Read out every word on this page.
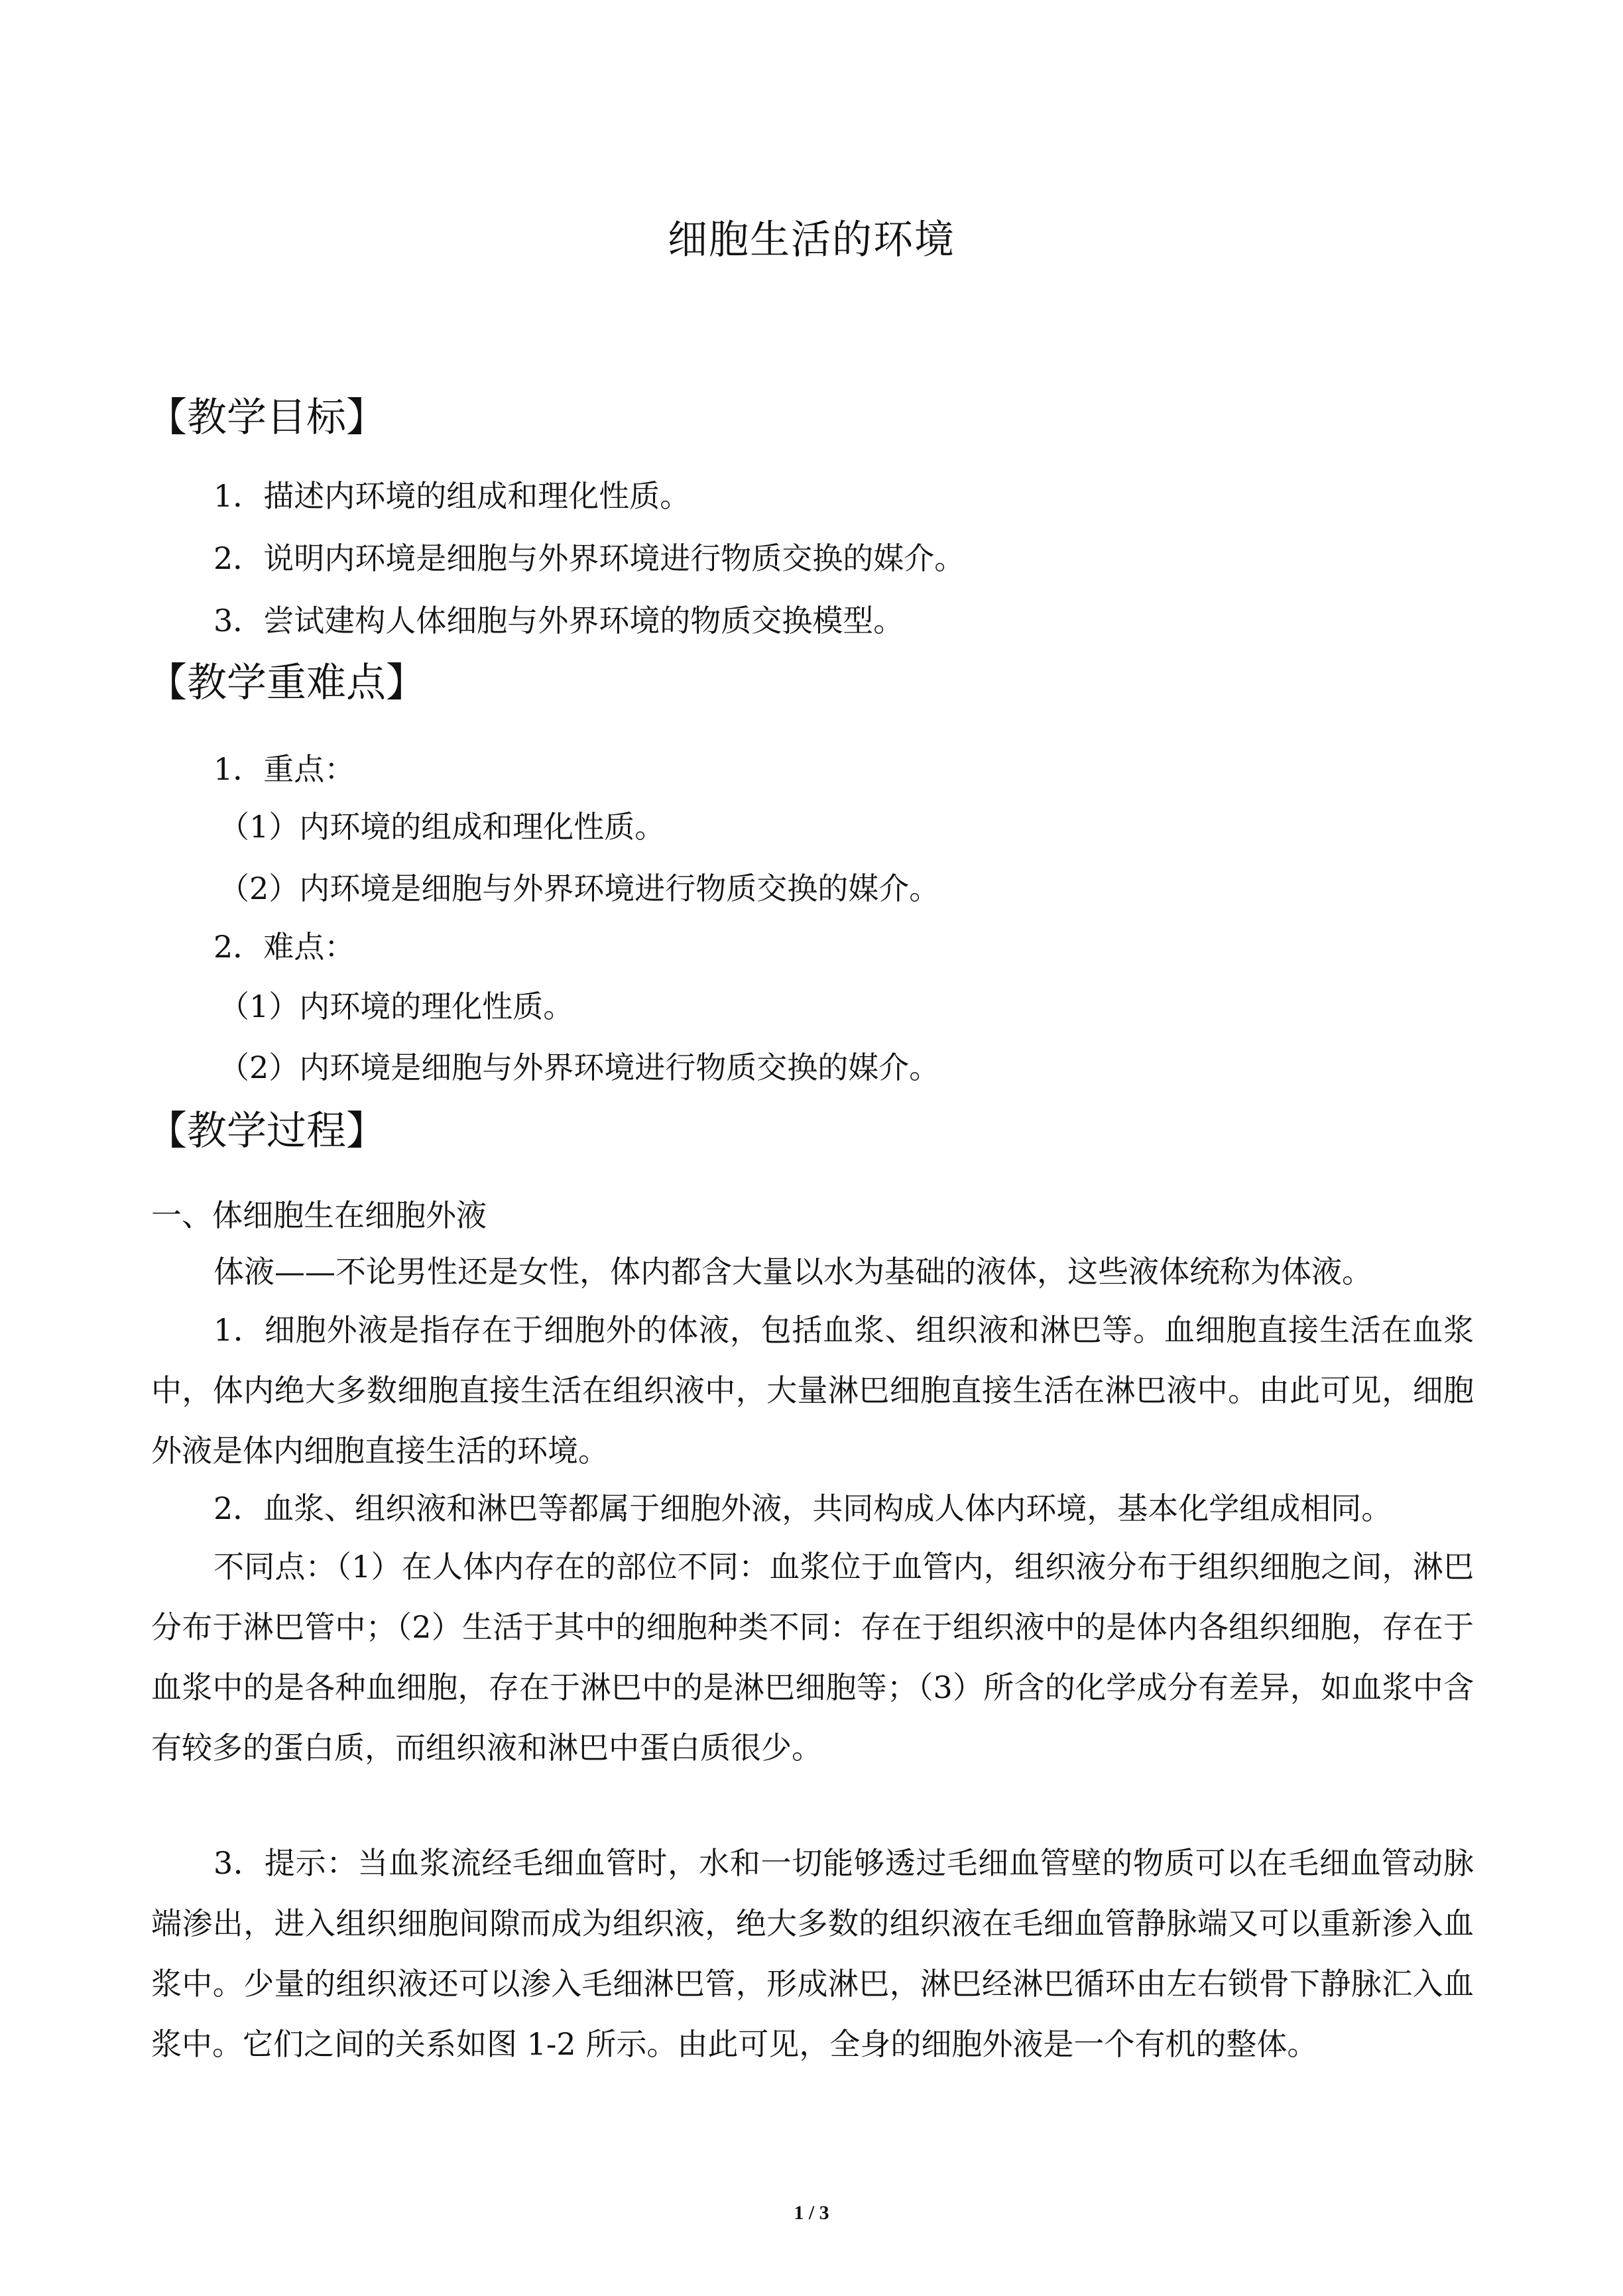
细胞生活的环境
【教学目标】
1．描述内环境的组成和理化性质。
2．说明内环境是细胞与外界环境进行物质交换的媒介。
3．尝试建构人体细胞与外界环境的物质交换模型。
【教学重难点】
1．重点：
（1）内环境的组成和理化性质。
（2）内环境是细胞与外界环境进行物质交换的媒介。
2．难点：
（1）内环境的理化性质。
（2）内环境是细胞与外界环境进行物质交换的媒介。
【教学过程】
一、体细胞生在细胞外液
体液——不论男性还是女性，体内都含大量以水为基础的液体，这些液体统称为体液。
1．细胞外液是指存在于细胞外的体液，包括血浆、组织液和淋巴等。血细胞直接生活在血浆中，体内绝大多数细胞直接生活在组织液中，大量淋巴细胞直接生活在淋巴液中。由此可见，细胞外液是体内细胞直接生活的环境。
2．血浆、组织液和淋巴等都属于细胞外液，共同构成人体内环境，基本化学组成相同。
不同点：（1）在人体内存在的部位不同：血浆位于血管内，组织液分布于组织细胞之间，淋巴分布于淋巴管中；（2）生活于其中的细胞种类不同：存在于组织液中的是体内各组织细胞，存在于血浆中的是各种血细胞，存在于淋巴中的是淋巴细胞等；（3）所含的化学成分有差异，如血浆中含有较多的蛋白质，而组织液和淋巴中蛋白质很少。
3．提示：当血浆流经毛细血管时，水和一切能够透过毛细血管壁的物质可以在毛细血管动脉端渗出，进入组织细胞间隙而成为组织液，绝大多数的组织液在毛细血管静脉端又可以重新渗入血浆中。少量的组织液还可以渗入毛细淋巴管，形成淋巴，淋巴经淋巴循环由左右锁骨下静脉汇入血浆中。它们之间的关系如图 1-2 所示。由此可见，全身的细胞外液是一个有机的整体。
1 / 3
